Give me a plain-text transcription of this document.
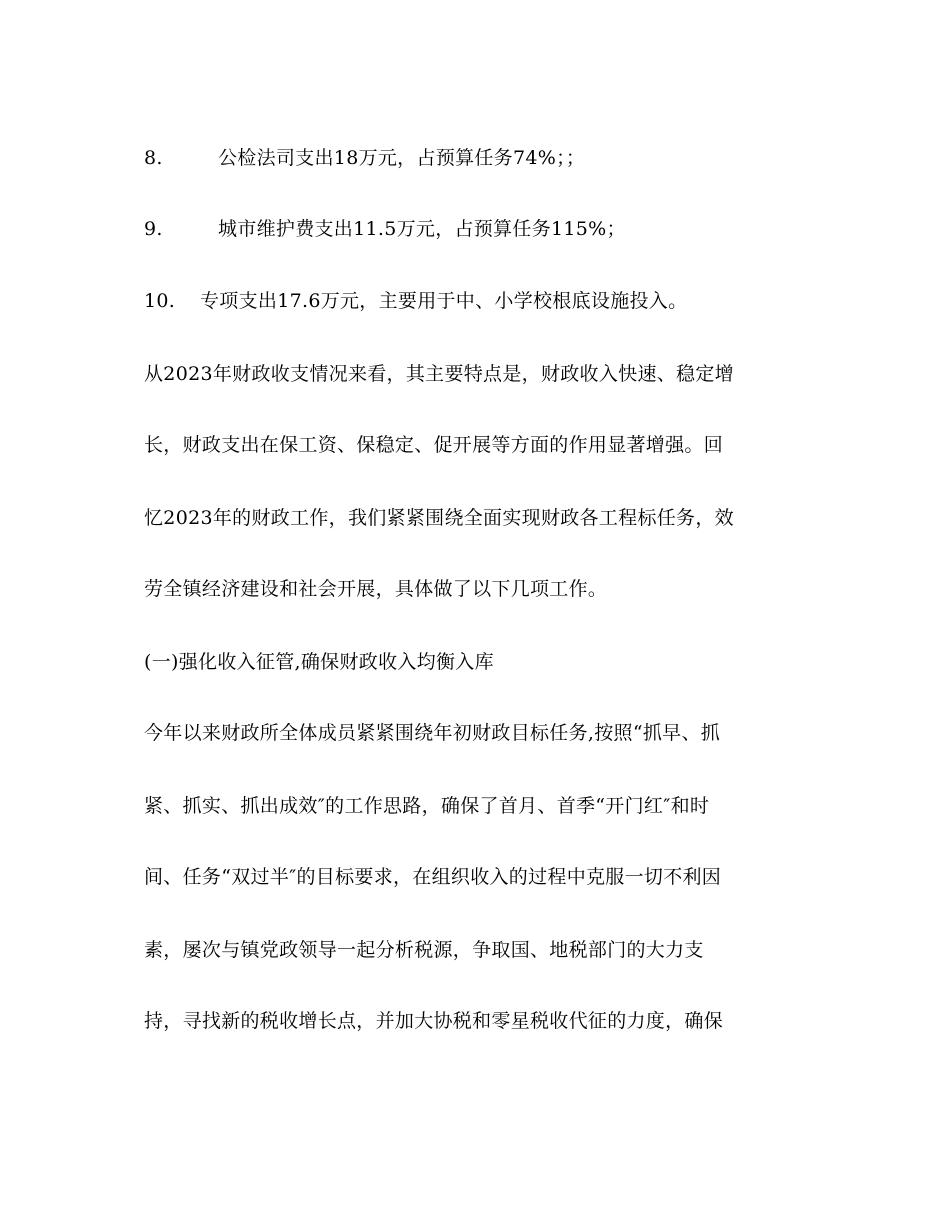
8.	公检法司支出18万元，占预算任务74%；；
9.	城市维护费支出11.5万元，占预算任务115%；
10. 专项支出17.6万元，主要用于中、小学校根底设施投入。
从2023年财政收支情况来看，其主要特点是，财政收入快速、稳定增
长，财政支出在保工资、保稳定、促开展等方面的作用显著增强。回
忆2023年的财政工作，我们紧紧围绕全面实现财政各工程标任务，效
劳全镇经济建设和社会开展，具体做了以下几项工作。
(一)强化收入征管,确保财政收入均衡入库
今年以来财政所全体成员紧紧围绕年初财政目标任务,按照“抓早、抓
紧、抓实、抓出成效″的工作思路，确保了首月、首季“开门红″和时
间、任务“双过半″的目标要求，在组织收入的过程中克服一切不利因
素，屡次与镇党政领导一起分析税源，争取国、地税部门的大力支
持，寻找新的税收增长点，并加大协税和零星税收代征的力度，确保
